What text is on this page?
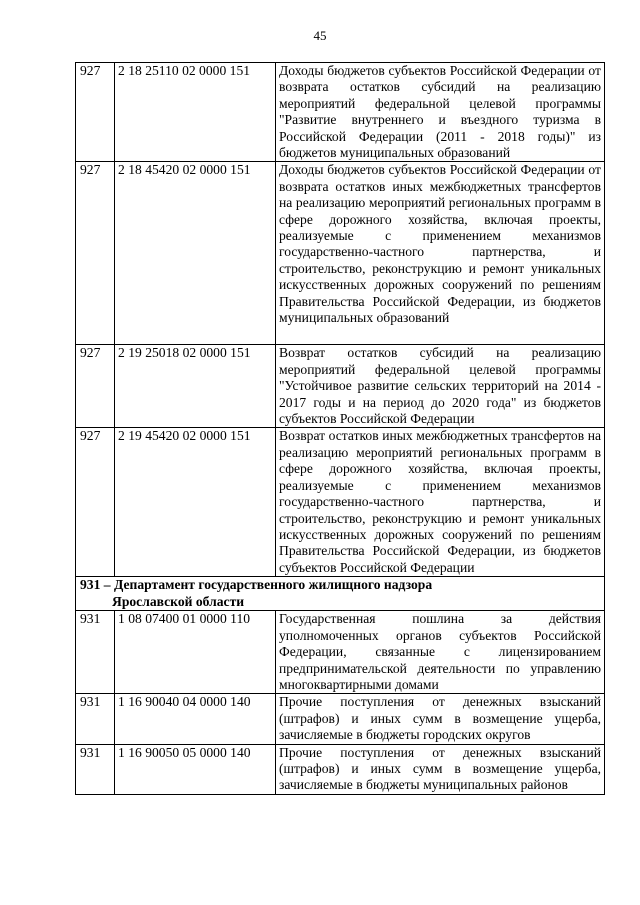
45
927	2 18 25110 02 0000 151	Доходы бюджетов субъектов Российской Федерации от возврата остатков субсидий на реализацию мероприятий федеральной целевой программы "Развитие внутреннего и въездного туризма в Российской Федерации (2011 - 2018 годы)" из бюджетов муниципальных образований
927	2 18 45420 02 0000 151	Доходы бюджетов субъектов Российской Федерации от возврата остатков иных межбюджетных трансфертов на реализацию мероприятий региональных программ в сфере дорожного хозяйства, включая проекты, реализуемые с применением механизмов государственно-частного партнерства, и строительство, реконструкцию и ремонт уникальных искусственных дорожных сооружений по решениям Правительства Российской Федерации, из бюджетов муниципальных образований
927	2 19 25018 02 0000 151	Возврат остатков субсидий на реализацию мероприятий федеральной целевой программы "Устойчивое развитие сельских территорий на 2014 - 2017 годы и на период до 2020 года" из бюджетов субъектов Российской Федерации
927	2 19 45420 02 0000 151	Возврат остатков иных межбюджетных трансфертов на реализацию мероприятий региональных программ в сфере дорожного хозяйства, включая проекты, реализуемые с применением механизмов государственно-частного партнерства, и строительство, реконструкцию и ремонт уникальных искусственных дорожных сооружений по решениям Правительства Российской Федерации, из бюджетов субъектов Российской Федерации
931 – Департамент государственного жилищного надзора
Ярославской области		

931	1 08 07400 01 0000 110	Государственная пошлина за действия уполномоченных органов субъектов Российской Федерации, связанные с лицензированием предпринимательской деятельности по управлению многоквартирными домами
931	1 16 90040 04 0000 140	Прочие поступления от денежных взысканий (штрафов) и иных сумм в возмещение ущерба, зачисляемые в бюджеты городских округов
931	1 16 90050 05 0000 140	Прочие поступления от денежных взысканий (штрафов) и иных сумм в возмещение ущерба, зачисляемые в бюджеты муниципальных районов
